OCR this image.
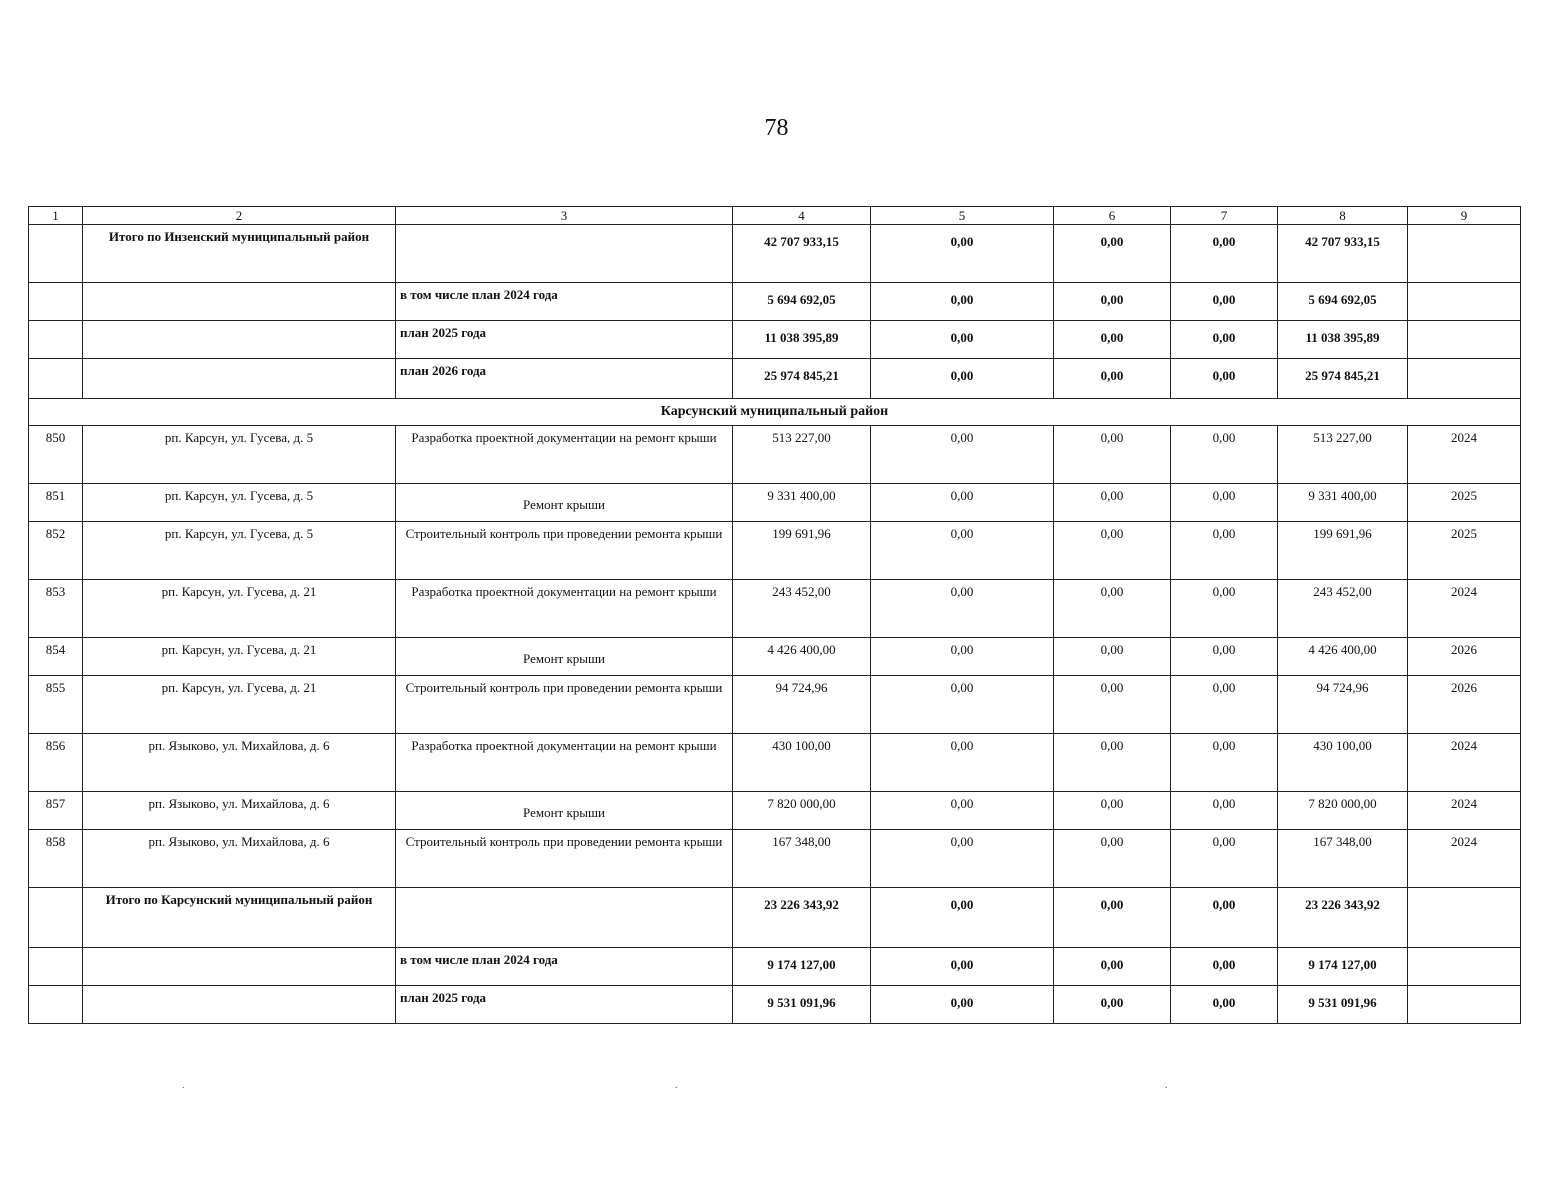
78
1	2	3	4	5	6	7	8	9
	Итого по Инзенский муниципальный район		42 707 933,15	0,00	0,00	0,00	42 707 933,15	
		в том числе план 2024 года	5 694 692,05	0,00	0,00	0,00	5 694 692,05	
		план 2025 года	11 038 395,89	0,00	0,00	0,00	11 038 395,89	
		план 2026 года	25 974 845,21	0,00	0,00	0,00	25 974 845,21	
Карсунский муниципальный район								
850	рп. Карсун, ул. Гусева, д. 5	Разработка проектной документации на ремонт крыши	513 227,00	0,00	0,00	0,00	513 227,00	2024
851	рп. Карсун, ул. Гусева, д. 5	Ремонт крыши	9 331 400,00	0,00	0,00	0,00	9 331 400,00	2025
852	рп. Карсун, ул. Гусева, д. 5	Строительный контроль при проведении ремонта крыши	199 691,96	0,00	0,00	0,00	199 691,96	2025
853	рп. Карсун, ул. Гусева, д. 21	Разработка проектной документации на ремонт крыши	243 452,00	0,00	0,00	0,00	243 452,00	2024
854	рп. Карсун, ул. Гусева, д. 21	Ремонт крыши	4 426 400,00	0,00	0,00	0,00	4 426 400,00	2026
855	рп. Карсун, ул. Гусева, д. 21	Строительный контроль при проведении ремонта крыши	94 724,96	0,00	0,00	0,00	94 724,96	2026
856	рп. Языково, ул. Михайлова, д. 6	Разработка проектной документации на ремонт крыши	430 100,00	0,00	0,00	0,00	430 100,00	2024
857	рп. Языково, ул. Михайлова, д. 6	Ремонт крыши	7 820 000,00	0,00	0,00	0,00	7 820 000,00	2024
858	рп. Языково, ул. Михайлова, д. 6	Строительный контроль при проведении ремонта крыши	167 348,00	0,00	0,00	0,00	167 348,00	2024
	Итого по Карсунский муниципальный район		23 226 343,92	0,00	0,00	0,00	23 226 343,92	
		в том числе план 2024 года	9 174 127,00	0,00	0,00	0,00	9 174 127,00	
		план 2025 года	9 531 091,96	0,00	0,00	0,00	9 531 091,96	
.	.	.
